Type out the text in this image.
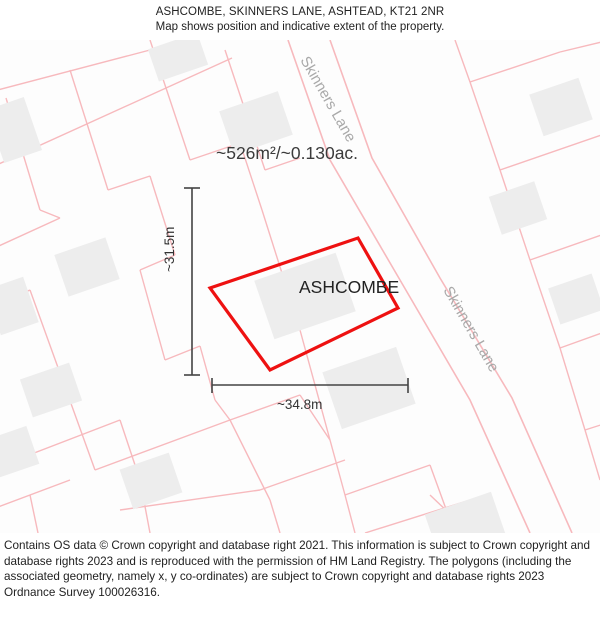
ASHCOMBE, SKINNERS LANE, ASHTEAD, KT21 2NR
Map shows position and indicative extent of the property.
Skinners Lane
Skinners Lane
~526m²/~0.130ac.
ASHCOMBE
~31.5m
~34.8m

Contains OS data © Crown copyright and database right 2021. This information is subject to Crown copyright and database rights 2023 and is reproduced with the permission of HM Land Registry. The polygons (including the associated geometry, namely x, y co-ordinates) are subject to Crown copyright and database rights 2023 Ordnance Survey 100026316.
